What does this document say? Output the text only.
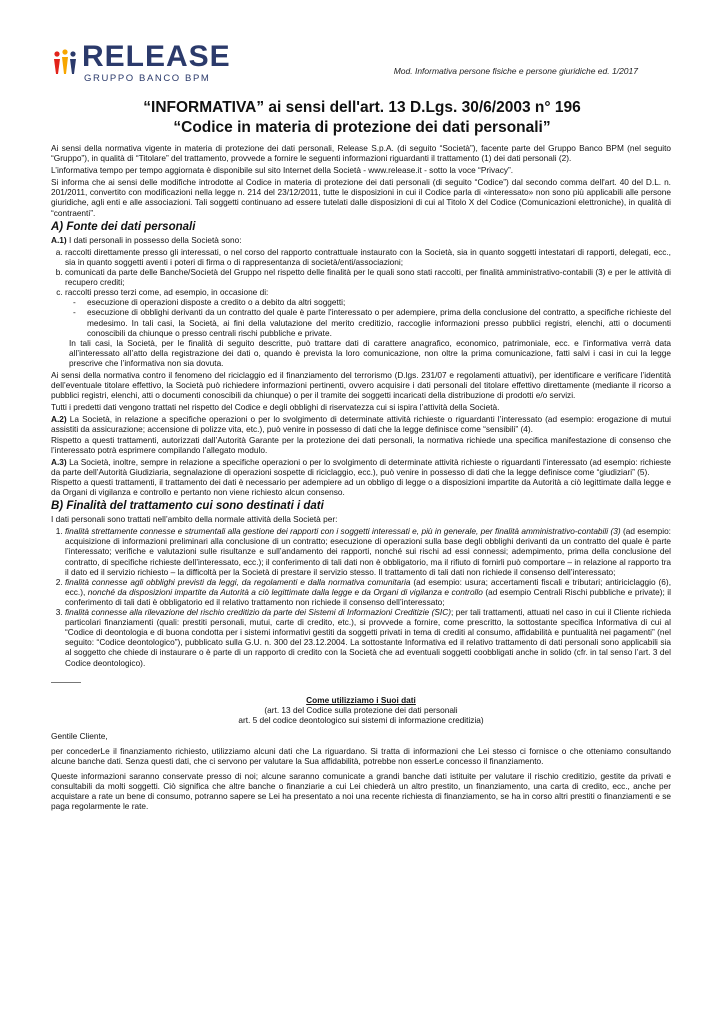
RELEASE
GRUPPO BANCO BPM
Mod. Informativa persone fisiche e persone giuridiche ed. 1/2017
“INFORMATIVA” ai sensi dell'art. 13 D.Lgs. 30/6/2003 n° 196
“Codice in materia di protezione dei dati personali”

Ai sensi della normativa vigente in materia di protezione dei dati personali, Release S.p.A. (di seguito “Società”), facente parte del Gruppo Banco BPM (nel seguito “Gruppo”), in qualità di “Titolare” del trattamento, provvede a fornire le seguenti informazioni riguardanti il trattamento (1) dei dati personali (2).

L’informativa tempo per tempo aggiornata è disponibile sul sito Internet della Società - www.release.it - sotto la voce “Privacy”.

Si informa che ai sensi delle modifiche introdotte al Codice in materia di protezione dei dati personali (di seguito “Codice”) dal secondo comma dell'art. 40 del D.L. n. 201/2011, convertito con modificazioni nella legge n. 214 del 23/12/2011, tutte le disposizioni in cui il Codice parla di «interessato» non sono più applicabili alle persone giuridiche, agli enti e alle associazioni. Tali soggetti continuano ad essere tutelati dalle disposizioni di cui al Titolo X del Codice (Comunicazioni elettroniche), in qualità di “contraenti”.

A) Fonte dei dati personali

A.1) I dati personali in possesso della Società sono:

a. raccolti direttamente presso gli interessati, o nel corso del rapporto contrattuale instaurato con la Società, sia in quanto soggetti intestatari di rapporti, delegati, ecc., sia in quanto soggetti aventi i poteri di firma o di rappresentanza di società/enti/associazioni;
b. comunicati da parte delle Banche/Società del Gruppo nel rispetto delle finalità per le quali sono stati raccolti, per finalità amministrativo-contabili (3) e per le attività di recupero crediti;
c. raccolti presso terzi come, ad esempio, in occasione di:
- esecuzione di operazioni disposte a credito o a debito da altri soggetti;
- esecuzione di obblighi derivanti da un contratto del quale è parte l'interessato o per adempiere, prima della conclusione del contratto, a specifiche richieste del medesimo. In tali casi, la Società, ai fini della valutazione del merito creditizio, raccoglie informazioni presso pubblici registri, elenchi, atti o documenti conoscibili da chiunque o presso centrali rischi pubbliche e private.
In tali casi, la Società, per le finalità di seguito descritte, può trattare dati di carattere anagrafico, economico, patrimoniale, ecc. e l’informativa verrà data all’interessato all’atto della registrazione dei dati o, quando è prevista la loro comunicazione, non oltre la prima comunicazione, fatti salvi i casi in cui la legge prescrive che l’informativa non sia dovuta.

Ai sensi della normativa contro il fenomeno del riciclaggio ed il finanziamento del terrorismo (D.lgs. 231/07 e regolamenti attuativi), per identificare e verificare l’identità dell’eventuale titolare effettivo, la Società può richiedere informazioni pertinenti, ovvero acquisire i dati personali del titolare effettivo direttamente (mediante il ricorso a pubblici registri, elenchi, atti o documenti conoscibili da chiunque) o per il tramite dei soggetti incaricati della distribuzione di prodotti e/o servizi.

Tutti i predetti dati vengono trattati nel rispetto del Codice e degli obblighi di riservatezza cui si ispira l’attività della Società.

A.2) La Società, in relazione a specifiche operazioni o per lo svolgimento di determinate attività richieste o riguardanti l’interessato (ad esempio: erogazione di mutui assistiti da assicurazione; accensione di polizze vita, etc.), può venire in possesso di dati che la legge definisce come “sensibili” (4).

Rispetto a questi trattamenti, autorizzati dall’Autorità Garante per la protezione dei dati personali, la normativa richiede una specifica manifestazione di consenso che l’interessato potrà esprimere compilando l’allegato modulo.

A.3) La Società, inoltre, sempre in relazione a specifiche operazioni o per lo svolgimento di determinate attività richieste o riguardanti l’interessato (ad esempio: richieste da parte dell’Autorità Giudiziaria, segnalazione di operazioni sospette di riciclaggio, ecc.), può venire in possesso di dati che la legge definisce come “giudiziari” (5).

Rispetto a questi trattamenti, il trattamento dei dati è necessario per adempiere ad un obbligo di legge o a disposizioni impartite da Autorità a ciò legittimate dalla legge e da Organi di vigilanza e controllo e pertanto non viene richiesto alcun consenso.

B) Finalità del trattamento cui sono destinati i dati

I dati personali sono trattati nell’ambito della normale attività della Società per:

1. finalità strettamente connesse e strumentali alla gestione dei rapporti con i soggetti interessati e, più in generale, per finalità amministrativo-contabili (3) (ad esempio: acquisizione di informazioni preliminari alla conclusione di un contratto; esecuzione di operazioni sulla base degli obblighi derivanti da un contratto del quale è parte l’interessato; verifiche e valutazioni sulle risultanze e sull’andamento dei rapporti, nonché sui rischi ad essi connessi; adempimento, prima della conclusione del contratto, di specifiche richieste dell’interessato, ecc.); il conferimento di tali dati non è obbligatorio, ma il rifiuto di fornirli può comportare – in relazione al rapporto tra il dato ed il servizio richiesto – la difficoltà per la Società di prestare il servizio stesso. Il trattamento di tali dati non richiede il consenso dell’interessato;
2. finalità connesse agli obblighi previsti da leggi, da regolamenti e dalla normativa comunitaria (ad esempio: usura; accertamenti fiscali e tributari; antiriciclaggio (6), ecc.), nonché da disposizioni impartite da Autorità a ciò legittimate dalla legge e da Organi di vigilanza e controllo (ad esempio Centrali Rischi pubbliche e private); il conferimento di tali dati è obbligatorio ed il relativo trattamento non richiede il consenso dell’interessato;
3. finalità connesse alla rilevazione del rischio creditizio da parte dei Sistemi di Informazioni Creditizie (SIC); per tali trattamenti, attuati nel caso in cui il Cliente richieda particolari finanziamenti (quali: prestiti personali, mutui, carte di credito, etc.), si provvede a fornire, come prescritto, la sottostante specifica Informativa di cui al “Codice di deontologia e di buona condotta per i sistemi informativi gestiti da soggetti privati in tema di crediti al consumo, affidabilità e puntualità nei pagamenti” (nel seguito: “Codice deontologico”), pubblicato sulla G.U. n. 300 del 23.12.2004. La sottostante Informativa ed il relativo trattamento di dati personali sono applicabili sia al soggetto che chiede di instaurare o è parte di un rapporto di credito con la Società che ad eventuali soggetti coobbligati anche in solido (cfr. in tal senso l’art. 3 del Codice deontologico).
Come utilizziamo i Suoi dati
(art. 13 del Codice sulla protezione dei dati personali
art. 5 del codice deontologico sui sistemi di informazione creditizia)

Gentile Cliente,

per concederLe il finanziamento richiesto, utilizziamo alcuni dati che La riguardano. Si tratta di informazioni che Lei stesso ci fornisce o che otteniamo consultando alcune banche dati. Senza questi dati, che ci servono per valutare la Sua affidabilità, potrebbe non esserLe concesso il finanziamento.

Queste informazioni saranno conservate presso di noi; alcune saranno comunicate a grandi banche dati istituite per valutare il rischio creditizio, gestite da privati e consultabili da molti soggetti. Ciò significa che altre banche o finanziarie a cui Lei chiederà un altro prestito, un finanziamento, una carta di credito, ecc., anche per acquistare a rate un bene di consumo, potranno sapere se Lei ha presentato a noi una recente richiesta di finanziamento, se ha in corso altri prestiti o finanziamenti e se paga regolarmente le rate.
